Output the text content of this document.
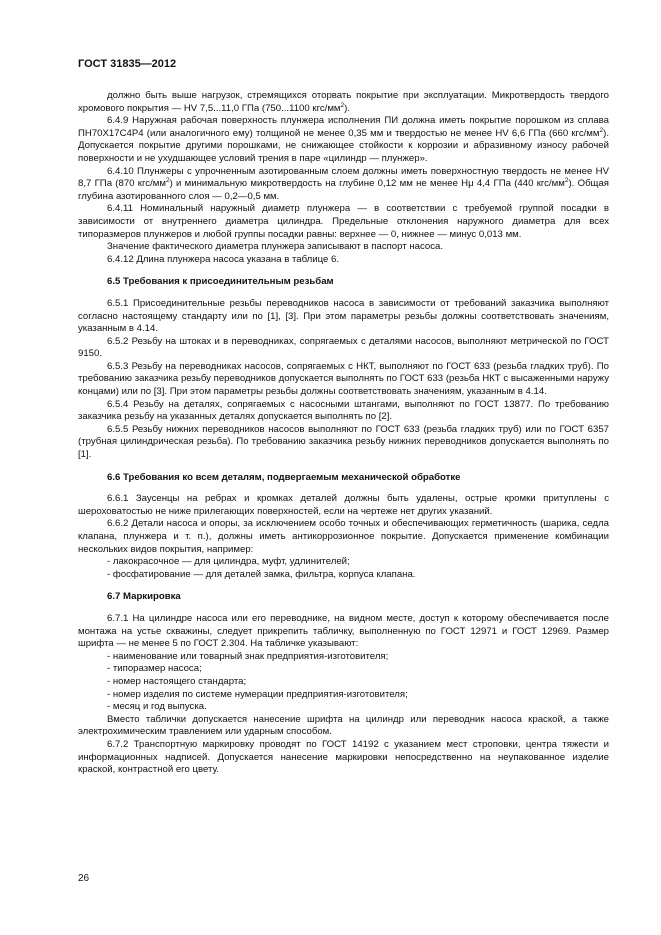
ГОСТ 31835—2012

должно быть выше нагрузок, стремящихся оторвать покрытие при эксплуатации. Микротвердость твердого хромового покрытия — HV 7,5...11,0 ГПа (750...1100 кгс/$мм^2$).

6.4.9 Наружная рабочая поверхность плунжера исполнения ПИ должна иметь покрытие порошком из сплава ПН70Х17С4Р4 (или аналогичного ему) толщиной не менее 0,35 мм и твердостью не менее HV 6,6 ГПа (660 кгс/$мм^2$). Допускается покрытие другими порошками, не снижающее стойкости к коррозии и абразивному износу рабочей поверхности и не ухудшающее условий трения в паре «цилиндр — плунжер».

6.4.10 Плунжеры с упрочненным азотированным слоем должны иметь поверхностную твердость не менее HV 8,7 ГПа (870 кгс/$мм^2$) и минимальную микротвердость на глубине 0,12 мм не менее Hμ 4,4 ГПа (440 кгс/$мм^2$). Общая глубина азотированного слоя — 0,2—0,5 мм.

6.4.11 Номинальный наружный диаметр плунжера — в соответствии с требуемой группой посадки в зависимости от внутреннего диаметра цилиндра. Предельные отклонения наружного диаметра для всех типоразмеров плунжеров и любой группы посадки равны: верхнее — 0, нижнее — минус 0,013 мм.

Значение фактического диаметра плунжера записывают в паспорт насоса.

6.4.12 Длина плунжера насоса указана в таблице 6.

6.5 Требования к присоединительным резьбам

6.5.1 Присоединительные резьбы переводников насоса в зависимости от требований заказчика выполняют согласно настоящему стандарту или по [1], [3]. При этом параметры резьбы должны соответствовать значениям, указанным в 4.14.

6.5.2 Резьбу на штоках и в переводниках, сопрягаемых с деталями насосов, выполняют метрической по ГОСТ 9150.

6.5.3 Резьбу на переводниках насосов, сопрягаемых с НКТ, выполняют по ГОСТ 633 (резьба гладких труб). По требованию заказчика резьбу переводников допускается выполнять по ГОСТ 633 (резьба НКТ с высаженными наружу концами) или по [3]. При этом параметры резьбы должны соответствовать значениям, указанным в 4.14.

6.5.4 Резьбу на деталях, сопрягаемых с насосными штангами, выполняют по ГОСТ 13877. По требованию заказчика резьбу на указанных деталях допускается выполнять по [2].

6.5.5 Резьбу нижних переводников насосов выполняют по ГОСТ 633 (резьба гладких труб) или по ГОСТ 6357 (трубная цилиндрическая резьба). По требованию заказчика резьбу нижних переводников допускается выполнять по [1].

6.6 Требования ко всем деталям, подвергаемым механической обработке

6.6.1 Заусенцы на ребрах и кромках деталей должны быть удалены, острые кромки притуплены с шероховатостью не ниже прилегающих поверхностей, если на чертеже нет других указаний.

6.6.2 Детали насоса и опоры, за исключением особо точных и обеспечивающих герметичность (шарика, седла клапана, плунжера и т. п.), должны иметь антикоррозионное покрытие. Допускается применение комбинации нескольких видов покрытия, например:

- лакокрасочное — для цилиндра, муфт, удлинителей;
- фосфатирование — для деталей замка, фильтра, корпуса клапана.

6.7 Маркировка

6.7.1 На цилиндре насоса или его переводнике, на видном месте, доступ к которому обеспечивается после монтажа на устье скважины, следует прикрепить табличку, выполненную по ГОСТ 12971 и ГОСТ 12969. Размер шрифта — не менее 5 по ГОСТ 2.304. На табличке указывают:

- наименование или товарный знак предприятия-изготовителя;
- типоразмер насоса;
- номер настоящего стандарта;
- номер изделия по системе нумерации предприятия-изготовителя;
- месяц и год выпуска.

Вместо таблички допускается нанесение шрифта на цилиндр или переводник насоса краской, а также электрохимическим травлением или ударным способом.

6.7.2 Транспортную маркировку проводят по ГОСТ 14192 с указанием мест строповки, центра тяжести и информационных надписей. Допускается нанесение маркировки непосредственно на неупакованное изделие краской, контрастной его цвету.

26
